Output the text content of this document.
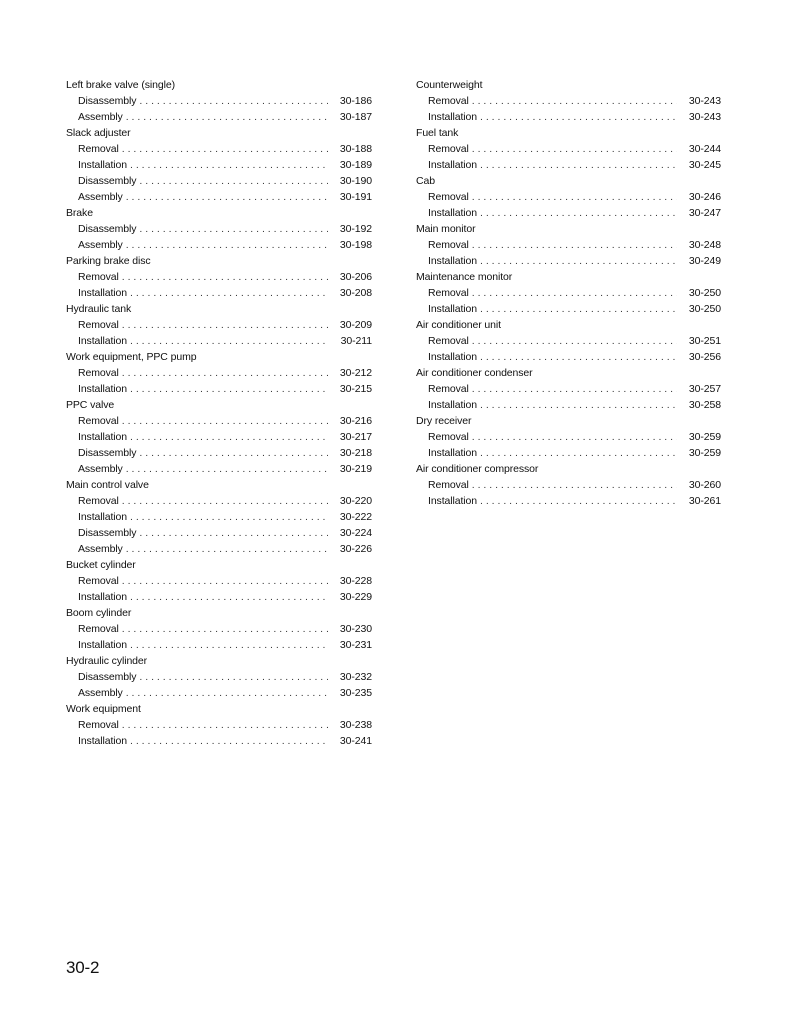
Left brake valve (single)
Disassembly . . .	30-186
Assembly . . .	30-187
Slack adjuster
Removal . . .	30-188
Installation . . .	30-189
Disassembly . . .	30-190
Assembly . . .	30-191
Brake
Disassembly . . .	30-192
Assembly . . .	30-198
Parking brake disc
Removal . . .	30-206
Installation . . .	30-208
Hydraulic tank
Removal . . .	30-209
Installation . . .	30-211
Work equipment, PPC pump
Removal . . .	30-212
Installation . . .	30-215
PPC valve
Removal . . .	30-216
Installation . . .	30-217
Disassembly . . .	30-218
Assembly . . .	30-219
Main control valve
Removal . . .	30-220
Installation . . .	30-222
Disassembly . . .	30-224
Assembly . . .	30-226
Bucket cylinder
Removal . . .	30-228
Installation . . .	30-229
Boom cylinder
Removal . . .	30-230
Installation . . .	30-231
Hydraulic cylinder
Disassembly . . .	30-232
Assembly . . .	30-235
Work equipment
Removal . . .	30-238
Installation . . .	30-241
Counterweight
Removal . . .	30-243
Installation . . .	30-243
Fuel tank
Removal . . .	30-244
Installation . . .	30-245
Cab
Removal . . .	30-246
Installation . . .	30-247
Main monitor
Removal . . .	30-248
Installation . . .	30-249
Maintenance monitor
Removal . . .	30-250
Installation . . .	30-250
Air conditioner unit
Removal . . .	30-251
Installation . . .	30-256
Air conditioner condenser
Removal . . .	30-257
Installation . . .	30-258
Dry receiver
Removal . . .	30-259
Installation . . .	30-259
Air conditioner compressor
Removal . . .	30-260
Installation . . .	30-261
30-2
